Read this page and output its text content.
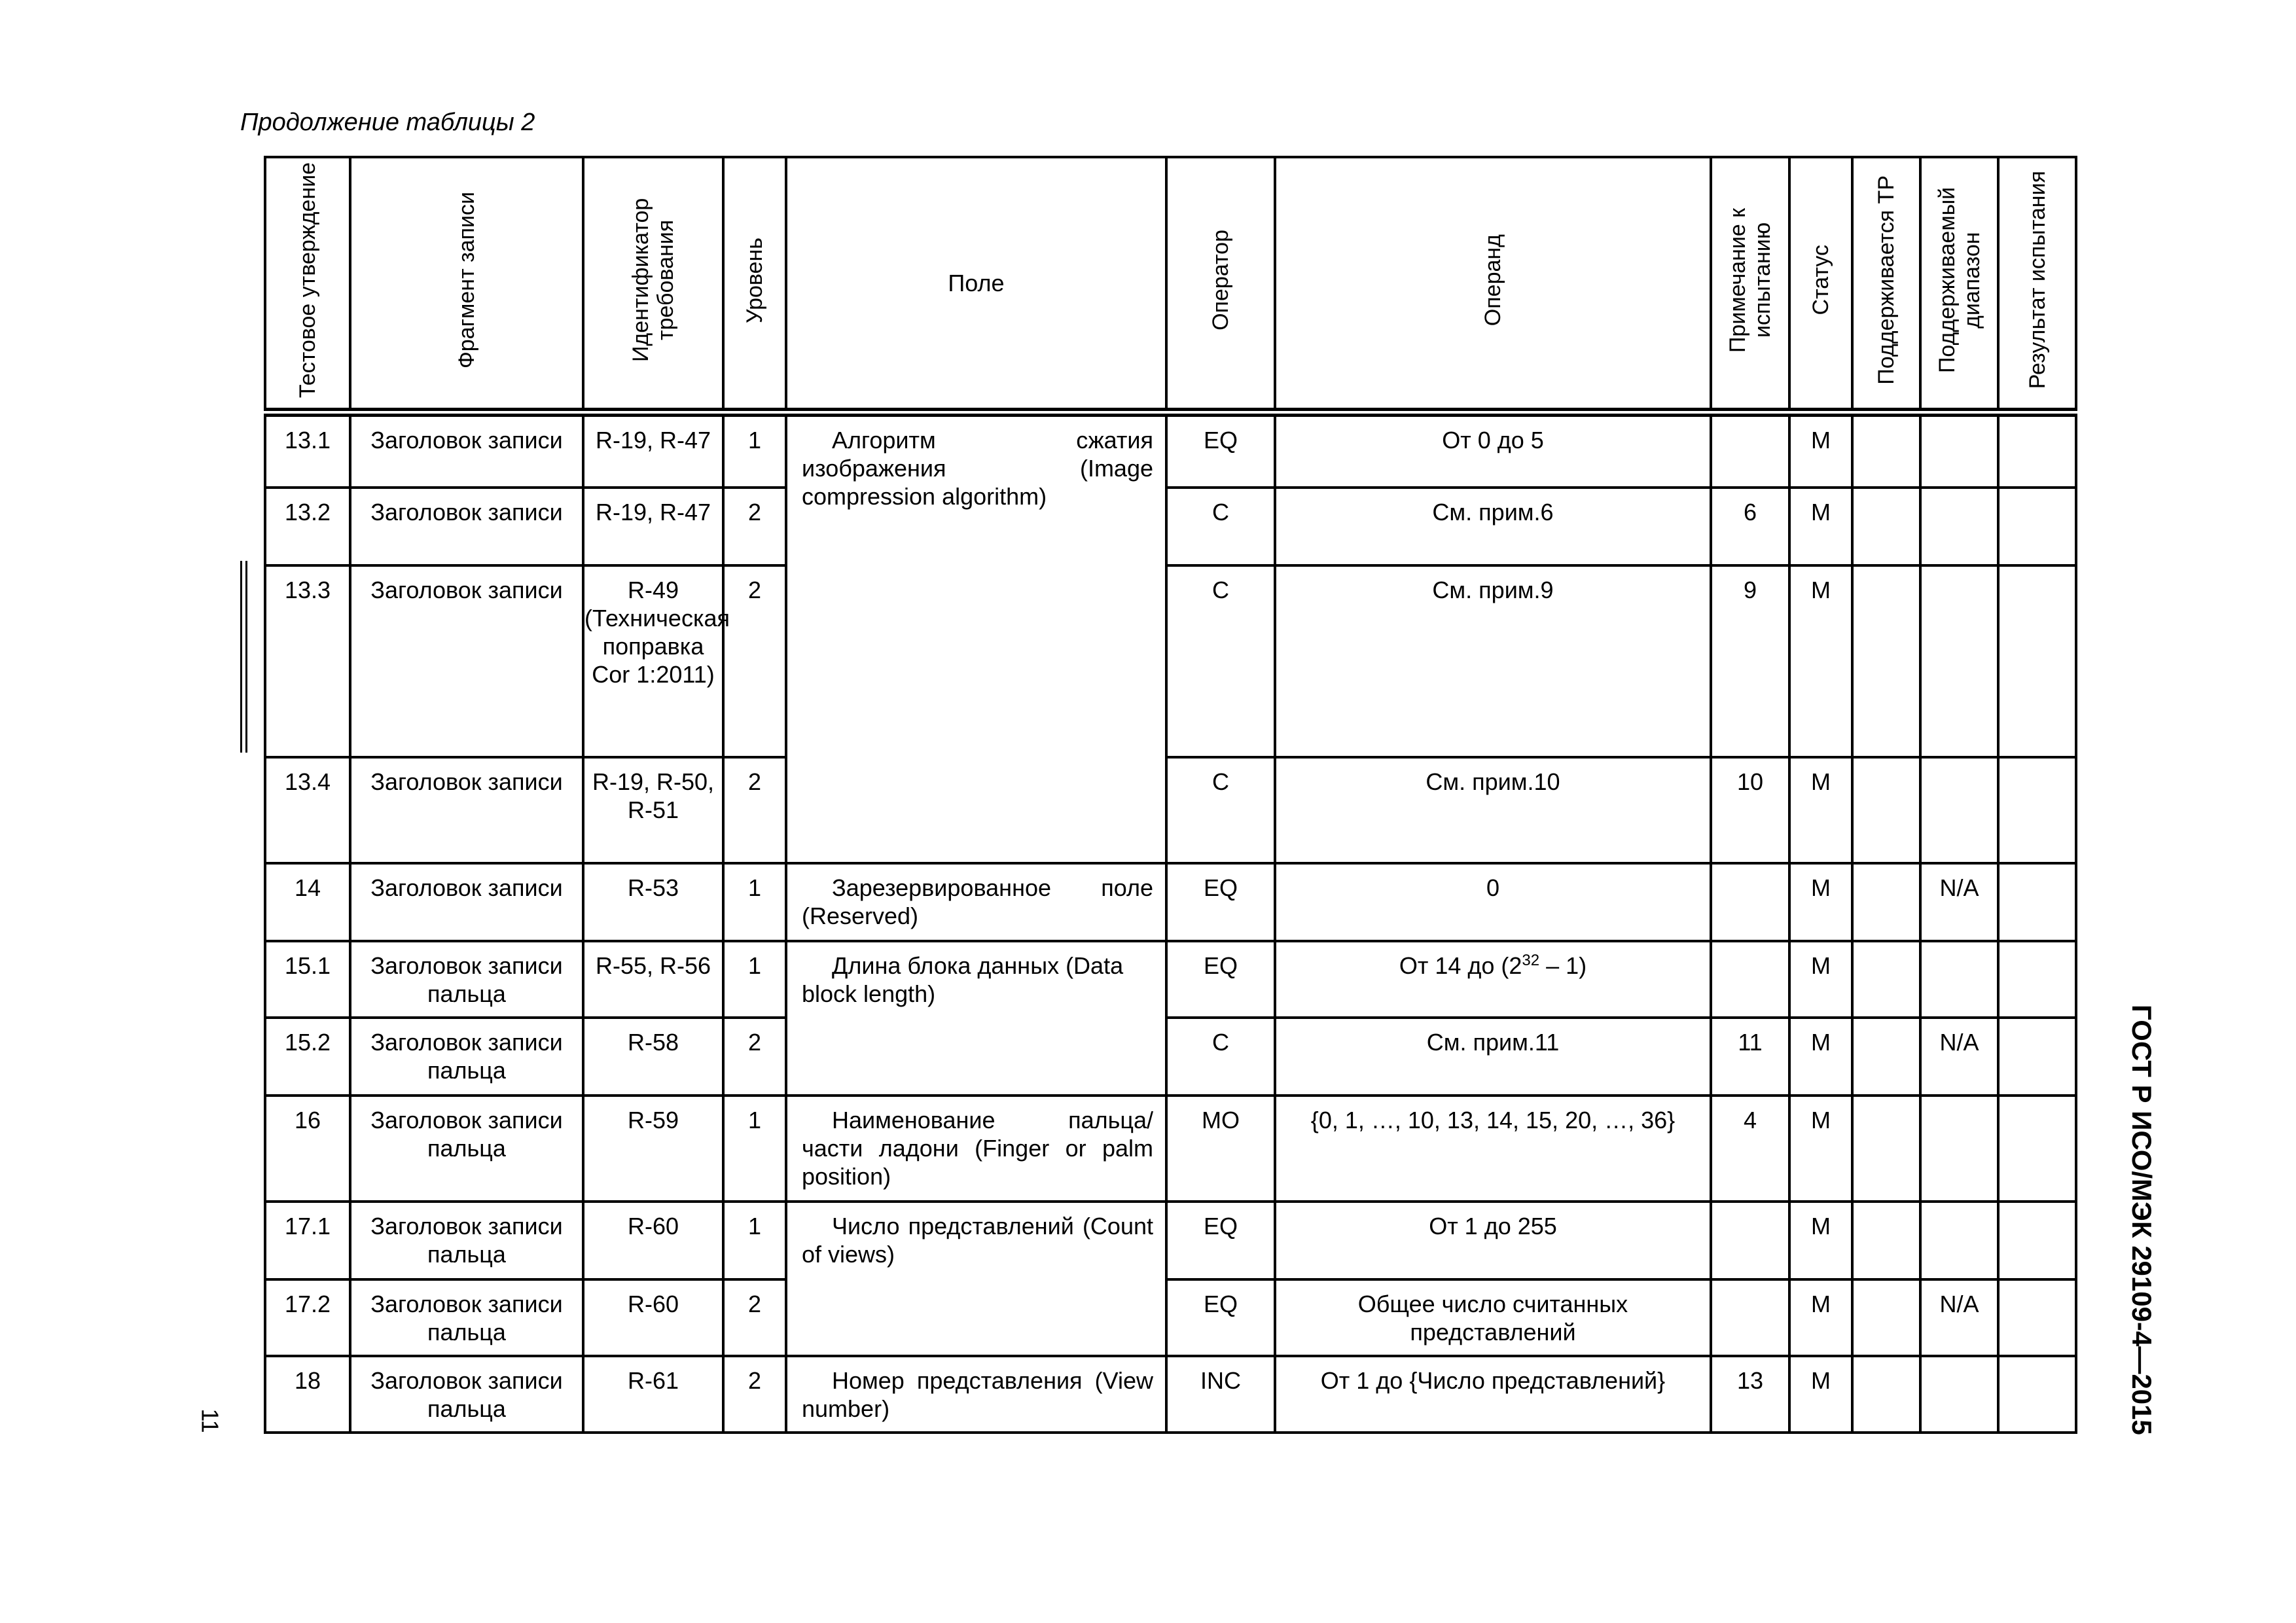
Продолжение таблицы 2
ГОСТ Р ИСО/МЭК 29109-4—2015
11
Тестовое утверждение	Фрагмент записи	Идентификатор требования	Уровень	Поле	Оператор	Операнд	Примечание к испытанию	Статус	Поддерживается ТР	Поддерживаемый диапазон	Результат испытания
13.1	Заголовок записи	R-19, R-47	1	Алгоритм сжатия изображения (Image compression algorithm)	EQ	От 0 до 5		M			
13.2	Заголовок записи	R-19, R-47	2		C	См. прим.6	6	M			
13.3	Заголовок записи	R-49 (Техническая поправка Cor 1:2011)	2		C	См. прим.9	9	M			
13.4	Заголовок записи	R-19, R-50, R-51	2		C	См. прим.10	10	M			
14	Заголовок записи	R-53	1	Зарезервированное поле (Reserved)	EQ	0		M		N/A	
15.1	Заголовок записи пальца	R-55, R-56	1	Длина блока данных (Data block length)	EQ	От 14 до $(2^{32} - 1)$		M			
15.2	Заголовок записи пальца	R-58	2		C	См. прим.11	11	M		N/A	
16	Заголовок записи пальца	R-59	1	Наименование пальца/ части ладони (Finger or palm position)	MO	{0, 1, …, 10, 13, 14, 15, 20, …, 36}	4	M			
17.1	Заголовок записи пальца	R-60	1	Число представлений (Count of views)	EQ	От 1 до 255		M			
17.2	Заголовок записи пальца	R-60	2		EQ	Общее число считанных представлений		M		N/A	
18	Заголовок записи пальца	R-61	2	Номер представления (View number)	INC	От 1 до {Число представлений}	13	M			
